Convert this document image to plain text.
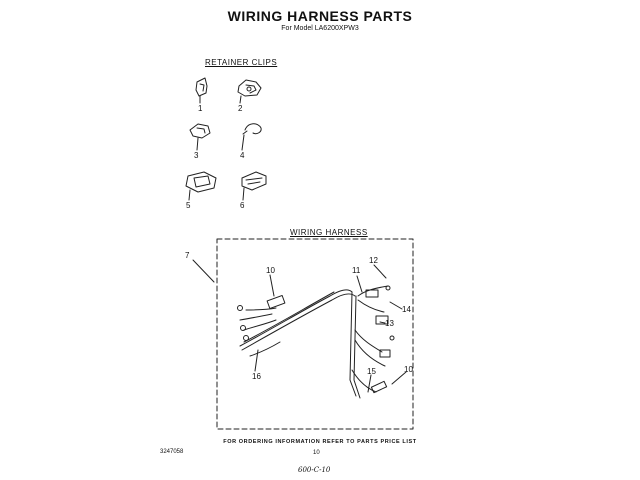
WIRING HARNESS PARTS
For Model LA6200XPW3
RETAINER CLIPS
1	2
3	4
5	6
WIRING HARNESS
7
10	11
12
14
13
16
15	10
FOR ORDERING INFORMATION REFER TO PARTS PRICE LIST
3247058	10
600-C-10
